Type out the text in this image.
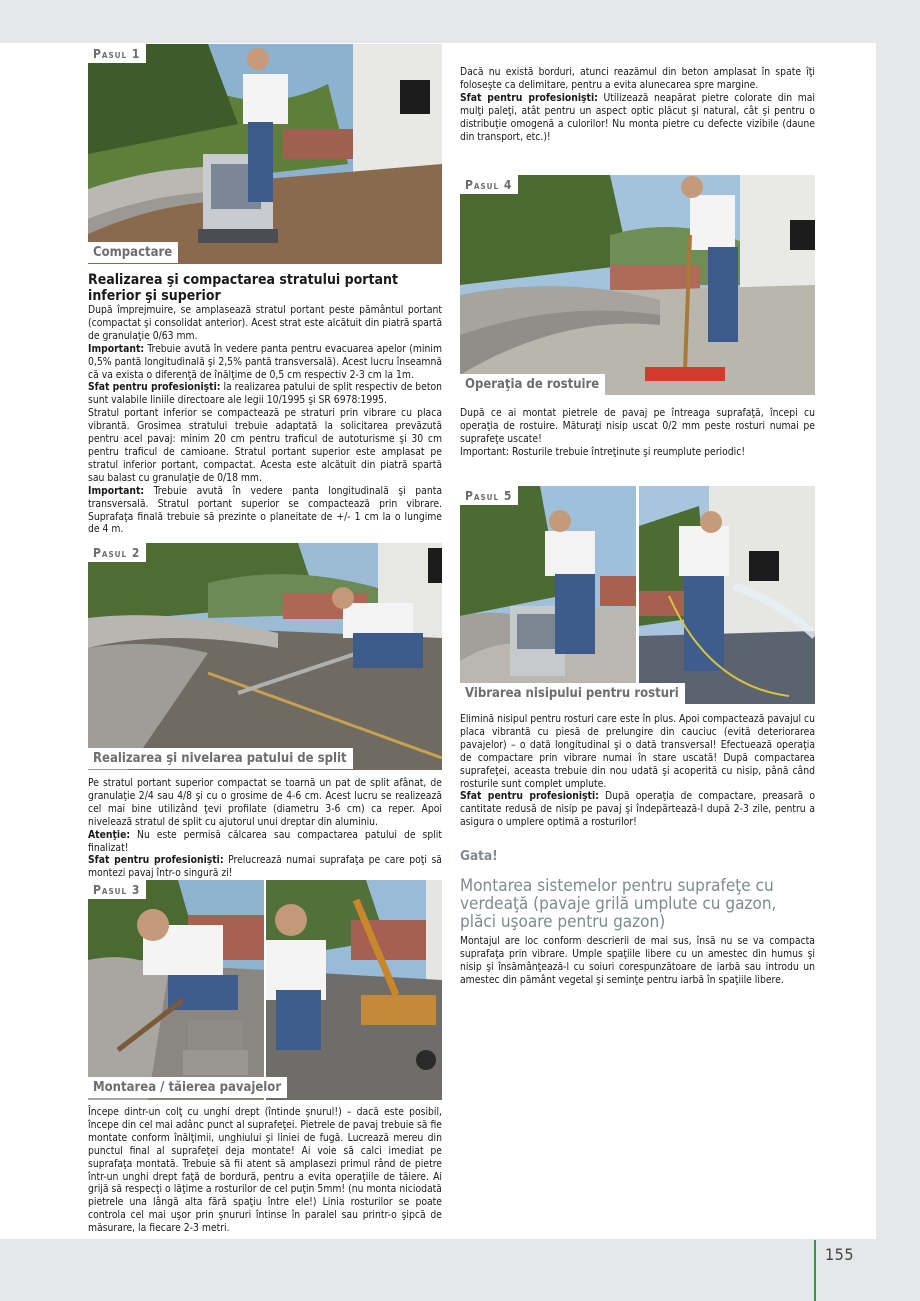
Pasul 1
Compactare
Realizarea şi compactarea stratului portant inferior şi superior

După împrejmuire, se amplasează stratul portant peste pământul portant (compactat şi consolidat anterior). Acest strat este alcătuit din piatră spartă de granulaţie 0/63 mm.

Important: Trebuie avută în vedere panta pentru evacuarea apelor (minim 0,5% pantă longitudinală şi 2,5% pantă transversală). Acest lucru înseamnă că va exista o diferenţă de înălţime de 0,5 cm respectiv 2-3 cm la 1m.

Sfat pentru profesionişti: la realizarea patului de split respectiv de beton sunt valabile liniile directoare ale legii 10/1995 şi SR 6978:1995.

Stratul portant inferior se compactează pe straturi prin vibrare cu placa vibrantă. Grosimea stratului trebuie adaptată la solicitarea prevăzută pentru acel pavaj: minim 20 cm pentru traficul de autoturisme şi 30 cm pentru traficul de camioane. Stratul portant superior este amplasat pe stratul inferior portant, compactat. Acesta este alcătuit din piatră spartă sau balast cu granulaţie de 0/18 mm.

Important: Trebuie avută în vedere panta longitudinală şi panta transversală. Stratul portant superior se compactează prin vibrare. Suprafaţa finală trebuie să prezinte o planeitate de +/- 1 cm la o lungime de 4 m.

Pasul 2
Realizarea şi nivelarea patului de split

Pe stratul portant superior compactat se toarnă un pat de split afânat, de granulaţie 2/4 sau 4/8 şi cu o grosime de 4-6 cm. Acest lucru se realizează cel mai bine utilizând ţevi profilate (diametru 3-6 cm) ca reper. Apoi nivelează stratul de split cu ajutorul unui dreptar din aluminiu.

Atenţie: Nu este permisă călcarea sau compactarea patului de split finalizat!

Sfat pentru profesionişti: Prelucrează numai suprafaţa pe care poţi să montezi pavaj într-o singură zi!

Pasul 3
Montarea / tăierea pavajelor

Începe dintr-un colţ cu unghi drept (întinde şnurul!) – dacă este posibil, începe din cel mai adânc punct al suprafeţei. Pietrele de pavaj trebuie să fie montate conform înălţimii, unghiului şi liniei de fugă. Lucrează mereu din punctul final al suprafeţei deja montate! Ai voie să calci imediat pe suprafaţa montată. Trebuie să fii atent să amplasezi primul rând de pietre într-un unghi drept faţă de bordură, pentru a evita operaţiile de tăiere. Ai grijă să respecţi o lăţime a rosturilor de cel puţin 5mm! (nu monta niciodată pietrele una lângă alta fără spaţiu între ele!) Linia rosturilor se poate controla cel mai uşor prin şnururi întinse în paralel sau printr-o şipcă de măsurare, la fiecare 2-3 metri.

Dacă nu există borduri, atunci reazămul din beton amplasat în spate îţi foloseşte ca delimitare, pentru a evita alunecarea spre margine.

Sfat pentru profesionişti: Utilizează neapărat pietre colorate din mai mulţi paleţi, atât pentru un aspect optic plăcut şi natural, cât şi pentru o distribuţie omogenă a culorilor! Nu monta pietre cu defecte vizibile (daune din transport, etc.)!

Pasul 4
Operaţia de rostuire

După ce ai montat pietrele de pavaj pe întreaga suprafaţă, începi cu operaţia de rostuire. Măturaţi nisip uscat 0/2 mm peste rosturi numai pe suprafeţe uscate!

Important: Rosturile trebuie întreţinute şi reumplute periodic!

Pasul 5
Vibrarea nisipului pentru rosturi

Elimină nisipul pentru rosturi care este în plus. Apoi compactează pavajul cu placa vibrantă cu piesă de prelungire din cauciuc (evită deteriorarea pavajelor) – o dată longitudinal şi o dată transversal! Efectuează operaţia de compactare prin vibrare numai în stare uscată! După compactarea suprafeţei, aceasta trebuie din nou udată şi acoperită cu nisip, până când rosturile sunt complet umplute.

Sfat pentru profesionişti: După operaţia de compactare, preasară o cantitate redusă de nisip pe pavaj şi îndepărtează-l după 2-3 zile, pentru a asigura o umplere optimă a rosturilor!

Gata!
Montarea sistemelor pentru suprafeţe cu
verdeaţă (pavaje grilă umplute cu gazon,
plăci uşoare pentru gazon)
Montajul are loc conform descrierii de mai sus, însă nu se va compacta suprafaţa prin vibrare. Umple spaţiile libere cu un amestec din humus şi nisip şi însămânţează-l cu soiuri corespunzătoare de iarbă sau introdu un amestec din pământ vegetal şi seminţe pentru iarbă în spaţiile libere.
155
